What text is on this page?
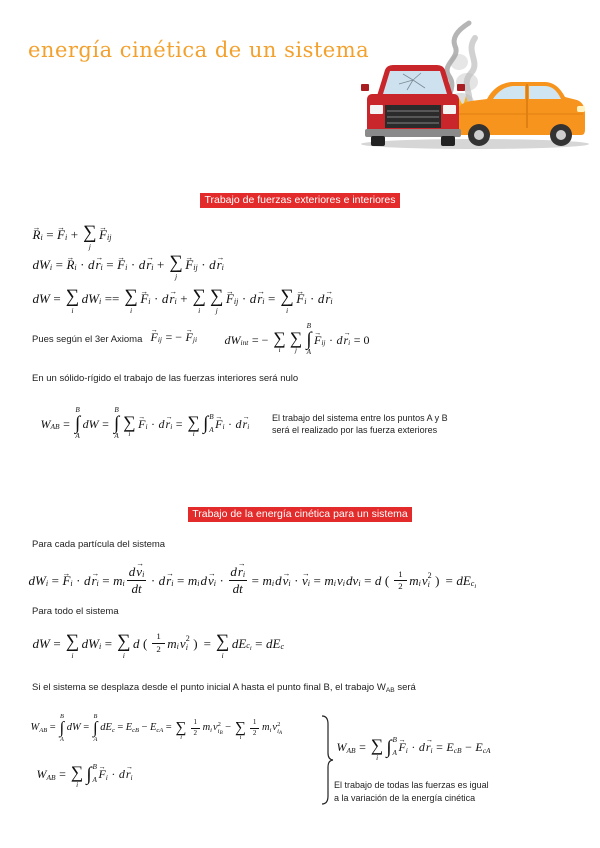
energía cinética de un sistema
Trabajo de fuerzas exteriores e interiores
R → i = F → i + ∑
j
F → ij
dW i = R → i · d r → i = F → i · d r → i + ∑
j
F → ij · d r → i
dW = ∑
i
dW i == ∑
i
F → i · d r → i + ∑
i
∑
j
F → ij · d r → i = ∑
i
F → i · d r → i
Pues según el 3er Axioma F → ij = − F → ji dW int = − ∑
i
∑
j
B
∫
A
F → ij · d r → i = 0
En un sólido-rígido el trabajo de las fuerzas interiores será nulo
W AB =
B
∫
A
dW =
B
∫
A
∑
i
F → i · d r → i = ∑
i ∫ B
A F → i · d r → i
El trabajo del sistema entre los puntos A y B
será el realizado por las fuerza exteriores
Trabajo de la energía cinética para un sistema
Para cada partícula del sistema
dW i = F → i · d r → i = m i $\frac{\text{d v → i}}{dt} \cdot d$ r → i = m i d $v \to i \cdot \frac{\text{d r → i}}{dt} = m$ i d v → i · v → i = m i v i dv i = d ( $\frac{1}{2}$ m i v 2
i ) = dE $c_i$
Para todo el sistema
dW = ∑
i
dW i = ∑
i
d ( $\frac{1}{2}$ m i v 2
i ) = ∑
i
dE $c_i$ = dE c
Si el sistema se desplaza desde el punto inicial A hasta el punto final B, el trabajo $W_{AB}$ será
W AB =
B
∫
A
dW =
B
∫
A
dE c = E cB − E cA = ∑
i $\frac{1}{2}$ m i v 2
$i_B$ − ∑
i $\frac{1}{2}$ m i v 2
$i_A$
W AB = ∑
i ∫ B
A F → i · d r → i
W AB = ∑
i ∫ B
A F → i · d r → i = E cB − E cA
El trabajo de todas las fuerzas es igual
a la variación de la energía cinética
